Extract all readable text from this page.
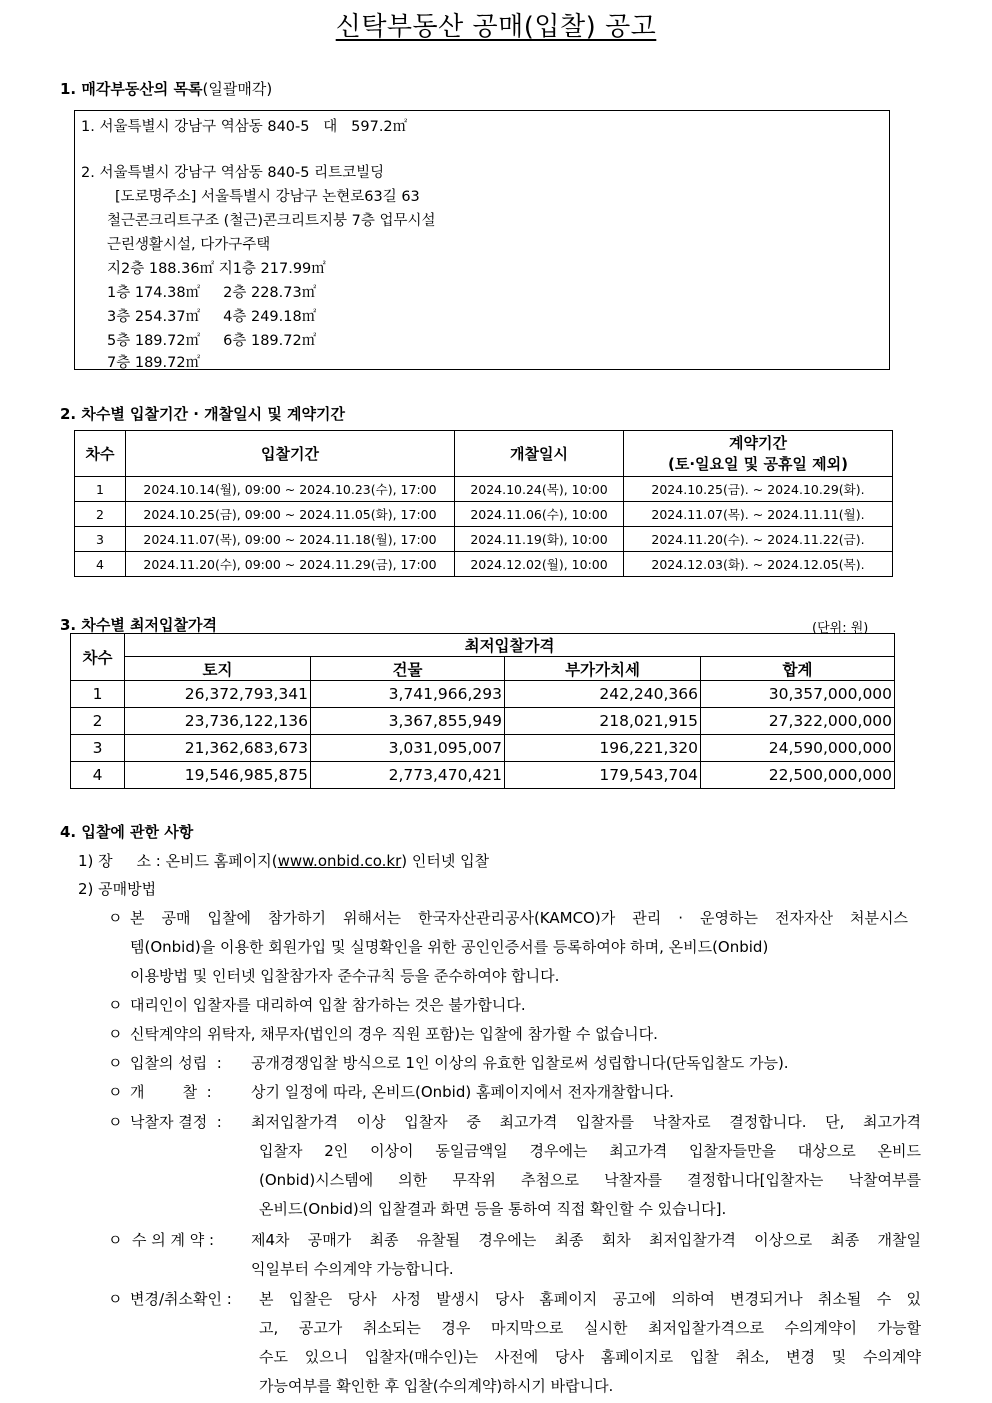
신탁부동산 공매(입찰) 공고
1. 매각부동산의 목록(일괄매각)
1. 서울특별시 강남구 역삼동 840-5   대   597.2㎡
2. 서울특별시 강남구 역삼동 840-5 리트코빌딩
[도로명주소] 서울특별시 강남구 논현로63길 63
철근콘크리트구조 (철근)콘크리트지붕 7층 업무시설
근린생활시설, 다가구주택
지2층 188.36㎡ 지1층 217.99㎡
1층 174.38㎡     2층 228.73㎡
3층 254.37㎡     4층 249.18㎡
5층 189.72㎡     6층 189.72㎡
7층 189.72㎡
2. 차수별 입찰기간 · 개찰일시 및 계약기간
차수	입찰기간	개찰일시	계약기간
(토·일요일 및 공휴일 제외)

1	2024.10.14(월), 09:00 ~ 2024.10.23(수), 17:00	2024.10.24(목), 10:00	2024.10.25(금). ~ 2024.10.29(화).
2	2024.10.25(금), 09:00 ~ 2024.11.05(화), 17:00	2024.11.06(수), 10:00	2024.11.07(목). ~ 2024.11.11(월).
3	2024.11.07(목), 09:00 ~ 2024.11.18(월), 17:00	2024.11.19(화), 10:00	2024.11.20(수). ~ 2024.11.22(금).
4	2024.11.20(수), 09:00 ~ 2024.11.29(금), 17:00	2024.12.02(월), 10:00	2024.12.03(화). ~ 2024.12.05(목).
3. 차수별 최저입찰가격	(단위: 원)
차수	최저입찰가격			
	토지	건물	부가가치세	합계
1	26,372,793,341	3,741,966,293	242,240,366	30,357,000,000
2	23,736,122,136	3,367,855,949	218,021,915	27,322,000,000
3	21,362,683,673	3,031,095,007	196,221,320	24,590,000,000
4	19,546,985,875	2,773,470,421	179,543,704	22,500,000,000
4. 입찰에 관한 사항
1) 장     소 : 온비드 홈페이지(www.onbid.co.kr) 인터넷 입찰
2) 공매방법
ㅇ 본 공매 입찰에 참가하기 위해서는 한국자산관리공사(KAMCO)가 관리 · 운영하는 전자자산 처분시스
템(Onbid)을 이용한 회원가입 및 실명확인을 위한 공인인증서를 등록하여야 하며, 온비드(Onbid)
이용방법 및 인터넷 입찰참가자 준수규칙 등을 준수하여야 합니다.
ㅇ 대리인이 입찰자를 대리하여 입찰 참가하는 것은 불가합니다.
ㅇ 신탁계약의 위탁자, 채무자(법인의 경우 직원 포함)는 입찰에 참가할 수 없습니다.
ㅇ 입찰의 성립  : 공개경쟁입찰 방식으로 1인 이상의 유효한 입찰로써 성립합니다(단독입찰도 가능).
ㅇ 개        찰  :	상기 일정에 따라, 온비드(Onbid) 홈페이지에서 전자개찰합니다.
ㅇ 낙찰자 결정  : 최저입찰가격 이상 입찰자 중 최고가격 입찰자를 낙찰자로 결정합니다. 단, 최고가격
입찰자 2인 이상이 동일금액일 경우에는 최고가격 입찰자들만을 대상으로 온비드
(Onbid)시스템에 의한 무작위 추첨으로 낙찰자를 결정합니다[입찰자는 낙찰여부를
온비드(Onbid)의 입찰결과 화면 등을 통하여 직접 확인할 수 있습니다].
ㅇ 수 의 계 약 : 제4차 공매가 최종 유찰될 경우에는 최종 회차 최저입찰가격 이상으로 최종 개찰일
익일부터 수의계약 가능합니다.
ㅇ 변경/취소확인 : 본 입찰은 당사 사정 발생시 당사 홈페이지 공고에 의하여 변경되거나 취소될 수 있
고, 공고가 취소되는 경우 마지막으로 실시한 최저입찰가격으로 수의계약이 가능할
수도 있으니 입찰자(매수인)는 사전에 당사 홈페이지로 입찰 취소, 변경 및 수의계약
가능여부를 확인한 후 입찰(수의계약)하시기 바랍니다.
